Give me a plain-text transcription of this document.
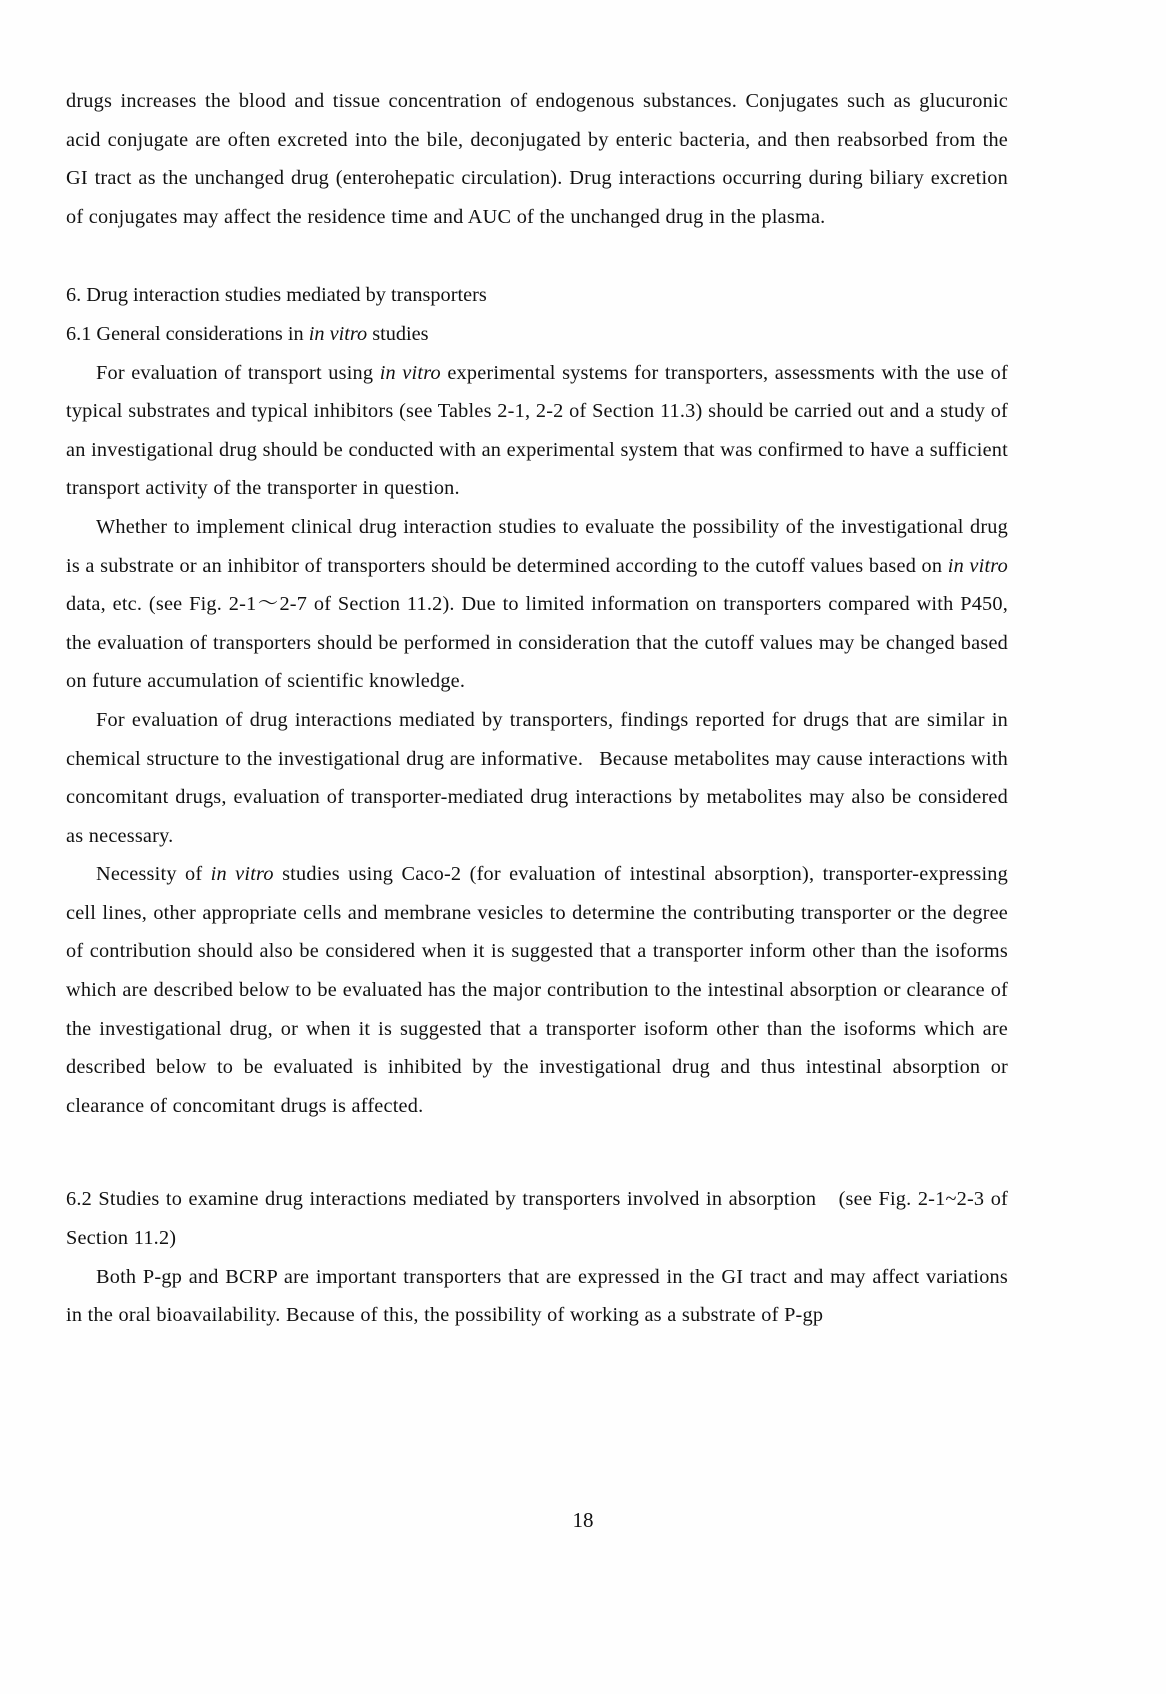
drugs increases the blood and tissue concentration of endogenous substances. Conjugates such as glucuronic acid conjugate are often excreted into the bile, deconjugated by enteric bacteria, and then reabsorbed from the GI tract as the unchanged drug (enterohepatic circulation). Drug interactions occurring during biliary excretion of conjugates may affect the residence time and AUC of the unchanged drug in the plasma.

6. Drug interaction studies mediated by transporters

6.1 General considerations in in vitro studies

For evaluation of transport using in vitro experimental systems for transporters, assessments with the use of typical substrates and typical inhibitors (see Tables 2-1, 2-2 of Section 11.3) should be carried out and a study of an investigational drug should be conducted with an experimental system that was confirmed to have a sufficient transport activity of the transporter in question.

Whether to implement clinical drug interaction studies to evaluate the possibility of the investigational drug is a substrate or an inhibitor of transporters should be determined according to the cutoff values based on in vitro data, etc. (see Fig. 2-1～2-7 of Section 11.2). Due to limited information on transporters compared with P450, the evaluation of transporters should be performed in consideration that the cutoff values may be changed based on future accumulation of scientific knowledge.

For evaluation of drug interactions mediated by transporters, findings reported for drugs that are similar in chemical structure to the investigational drug are informative.  Because metabolites may cause interactions with concomitant drugs, evaluation of transporter-mediated drug interactions by metabolites may also be considered as necessary.

Necessity of in vitro studies using Caco-2 (for evaluation of intestinal absorption), transporter-expressing cell lines, other appropriate cells and membrane vesicles to determine the contributing transporter or the degree of contribution should also be considered when it is suggested that a transporter inform other than the isoforms which are described below to be evaluated has the major contribution to the intestinal absorption or clearance of the investigational drug, or when it is suggested that a transporter isoform other than the isoforms which are described below to be evaluated is inhibited by the investigational drug and thus intestinal absorption or clearance of concomitant drugs is affected.

6.2 Studies to examine drug interactions mediated by transporters involved in absorption　(see Fig. 2-1~2-3 of Section 11.2)

Both P-gp and BCRP are important transporters that are expressed in the GI tract and may affect variations in the oral bioavailability. Because of this, the possibility of working as a substrate of P-gp

18
